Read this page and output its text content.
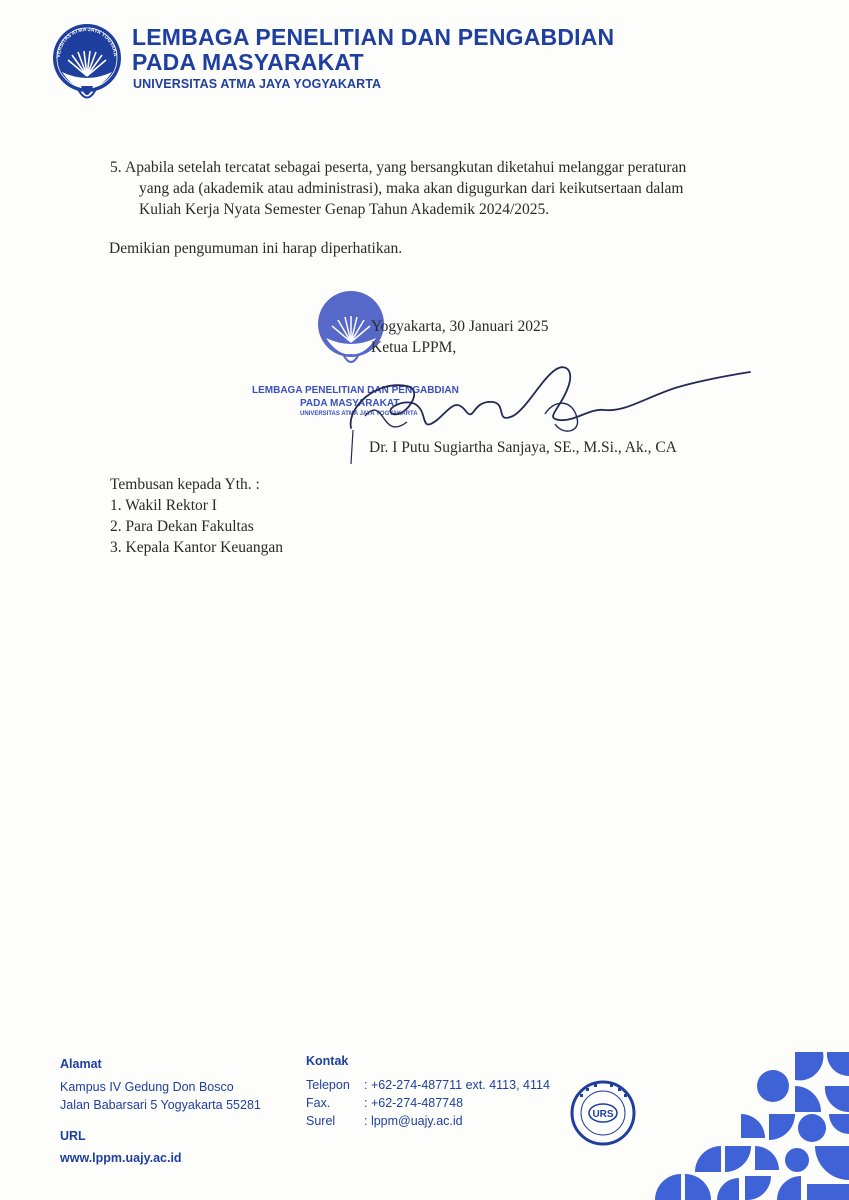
VERSITAS ATMA JAYA YOGYAKA
LEMBAGA PENELITIAN DAN PENGABDIAN
PADA MASYARAKAT
UNIVERSITAS ATMA JAYA YOGYAKARTA
5. Apabila setelah tercatat sebagai peserta, yang bersangkutan diketahui melanggar peraturan
yang ada (akademik atau administrasi), maka akan digugurkan dari keikutsertaan dalam
Kuliah Kerja Nyata Semester Genap Tahun Akademik 2024/2025.
Demikian pengumuman ini harap diperhatikan.
LEMBAGA PENELITIAN DAN PENGABDIAN
PADA MASYARAKAT
UNIVERSITAS ATMA JAYA YOGYAKARTA
Yogyakarta, 30 Januari 2025
Ketua LPPM,
Dr. I Putu Sugiartha Sanjaya, SE., M.Si., Ak., CA
Tembusan kepada Yth. :
1. Wakil Rektor I
2. Para Dekan Fakultas
3. Kepala Kantor Keuangan
Alamat
Kampus IV Gedung Don Bosco
Jalan Babarsari 5 Yogyakarta 55281
URL
www.lppm.uajy.ac.id
Kontak
Telepon : +62-274-487711 ext. 4113, 4114
Fax.	: +62-274-487748
Surel : lppm@uajy.ac.id	URS
